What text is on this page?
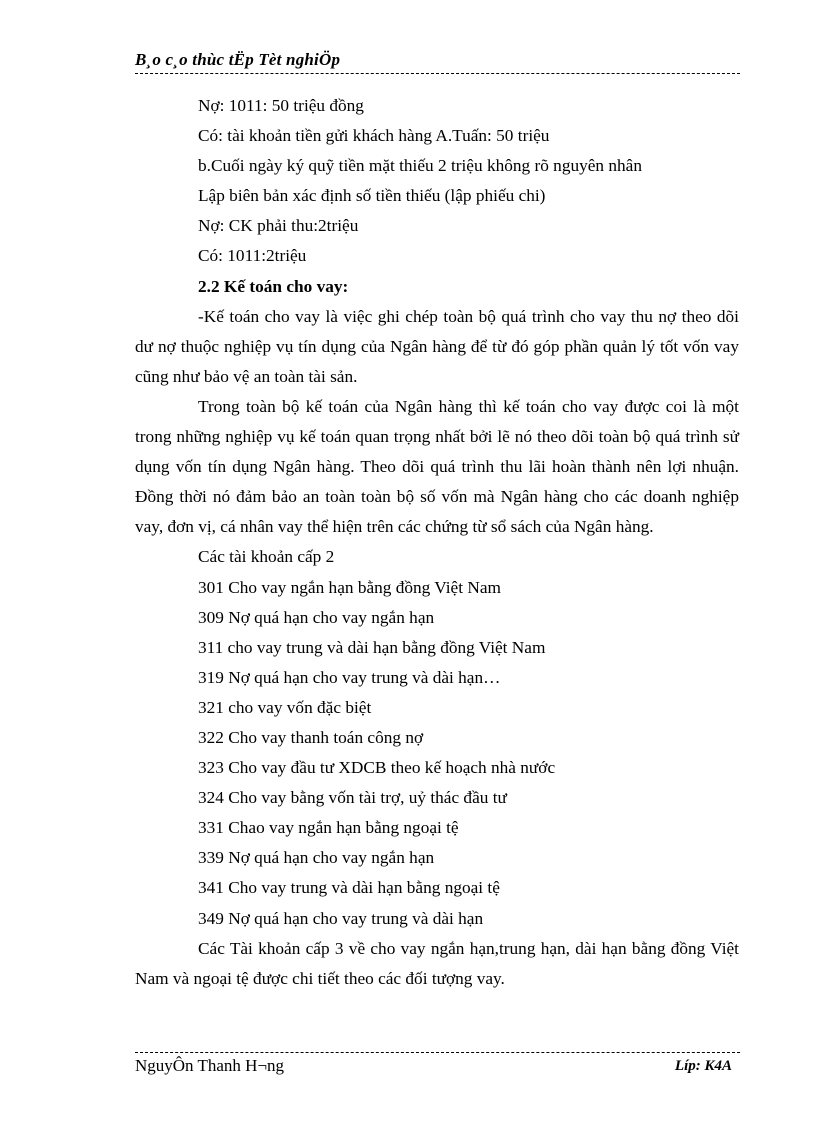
B¸o c¸o thùc tËp Tèt nghiÖp
Nợ: 1011: 50 triệu đồng
Có: tài khoản tiền gửi khách hàng A.Tuấn: 50 triệu
b.Cuối ngày ký quỹ tiền mặt thiếu 2 triệu không rõ nguyên nhân
Lập biên bản xác định số tiền thiếu (lập phiếu chi)
Nợ: CK phải thu:2triệu
Có: 1011:2triệu
2.2 Kế toán cho vay:

-Kế toán cho vay là việc ghi chép toàn bộ quá trình cho vay thu nợ theo dõi dư nợ thuộc nghiệp vụ tín dụng của Ngân hàng để từ đó góp phần quản lý tốt vốn vay cũng như bảo vệ an toàn tài sản.

Trong toàn bộ kế toán của Ngân hàng thì kế toán cho vay được coi là một trong những nghiệp vụ kế toán quan trọng nhất bởi lẽ nó theo dõi toàn bộ quá trình sử dụng vốn tín dụng Ngân hàng. Theo dõi quá trình thu lãi hoàn thành nên lợi nhuận. Đồng thời nó đảm bảo an toàn toàn bộ số vốn mà Ngân hàng cho các doanh nghiệp vay, đơn vị, cá nhân vay thể hiện trên các chứng từ sổ sách của Ngân hàng.

Các tài khoản cấp 2
301 Cho vay ngắn hạn bằng đồng Việt Nam
309 Nợ quá hạn cho vay ngắn hạn
311 cho vay trung và dài hạn bằng đồng Việt Nam
319 Nợ quá hạn cho vay trung và dài hạn…
321 cho vay vốn đặc biệt
322 Cho vay thanh toán công nợ
323 Cho vay đầu tư XDCB theo kế hoạch nhà nước
324 Cho vay bằng vốn tài trợ, uỷ thác đầu tư
331 Chao vay ngắn hạn bằng ngoại tệ
339 Nợ quá hạn cho vay ngắn hạn
341 Cho vay trung và dài hạn bằng ngoại tệ
349 Nợ quá hạn cho vay trung và dài hạn

Các Tài khoản cấp 3 về cho vay ngắn hạn,trung hạn, dài hạn bằng đồng Việt Nam và ngoại tệ được chi tiết theo các đối tượng vay.

NguyÔn Thanh H¬ng	Líp: K4A
